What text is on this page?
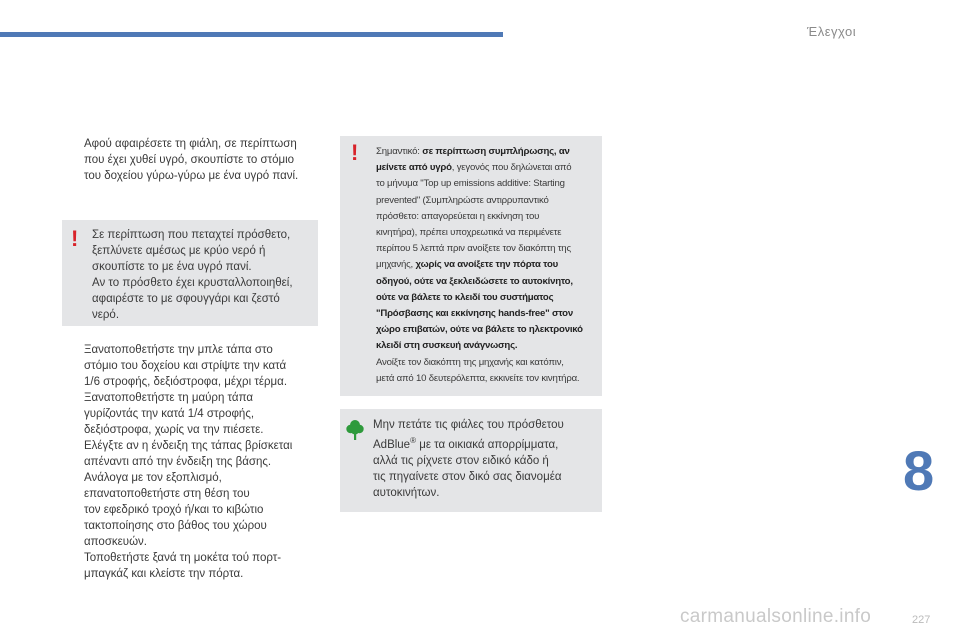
Έλεγχοι

Αφού αφαιρέσετε τη φιάλη, σε περίπτωση
που έχει χυθεί υγρό, σκουπίστε το στόμιο
του δοχείου γύρω-γύρω με ένα υγρό πανί.

! Σε περίπτωση που πεταχτεί πρόσθετο,
ξεπλύνετε αμέσως με κρύο νερό ή
σκουπίστε το με ένα υγρό πανί.
Αν το πρόσθετο έχει κρυσταλλοποιηθεί,
αφαιρέστε το με σφουγγάρι και ζεστό
νερό.

Ξανατοποθετήστε την μπλε τάπα στο
στόμιο του δοχείου και στρίψτε την κατά
1/6 στροφής, δεξιόστροφα, μέχρι τέρμα.

Ξανατοποθετήστε τη μαύρη τάπα
γυρίζοντάς την κατά 1/4 στροφής,
δεξιόστροφα, χωρίς να την πιέσετε.
Ελέγξτε αν η ένδειξη της τάπας βρίσκεται
απέναντι από την ένδειξη της βάσης.

Ανάλογα με τον εξοπλισμό,
επανατοποθετήστε στη θέση του
τον εφεδρικό τροχό ή/και το κιβώτιο
τακτοποίησης στο βάθος του χώρου
αποσκευών.

Τοποθετήστε ξανά τη μοκέτα τού πορτ-
μπαγκάζ και κλείστε την πόρτα.

! Σημαντικό: σε περίπτωση συμπλήρωσης, αν
μείνετε από υγρό, γεγονός που δηλώνεται από
το μήνυμα "Top up emissions additive: Starting
prevented" (Συμπληρώστε αντιρρυπαντικό
πρόσθετο: απαγορεύεται η εκκίνηση του
κινητήρα), πρέπει υποχρεωτικά να περιμένετε
περίπου 5 λεπτά πριν ανοίξετε τον διακόπτη της
μηχανής, χωρίς να ανοίξετε την πόρτα του
οδηγού, ούτε να ξεκλειδώσετε το αυτοκίνητο,
ούτε να βάλετε το κλειδί του συστήματος
"Πρόσβασης και εκκίνησης hands-free" στον
χώρο επιβατών, ούτε να βάλετε το ηλεκτρονικό
κλειδί στη συσκευή ανάγνωσης.
Ανοίξτε τον διακόπτη της μηχανής και κατόπιν,
μετά από 10 δευτερόλεπτα, εκκινείτε τον κινητήρα.
Μην πετάτε τις φιάλες του πρόσθετου
AdBlue® με τα οικιακά απορρίμματα,
αλλά τις ρίχνετε στον ειδικό κάδο ή
τις πηγαίνετε στον δικό σας διανομέα
αυτοκινήτων.	8
227
carmanualsonline.info
